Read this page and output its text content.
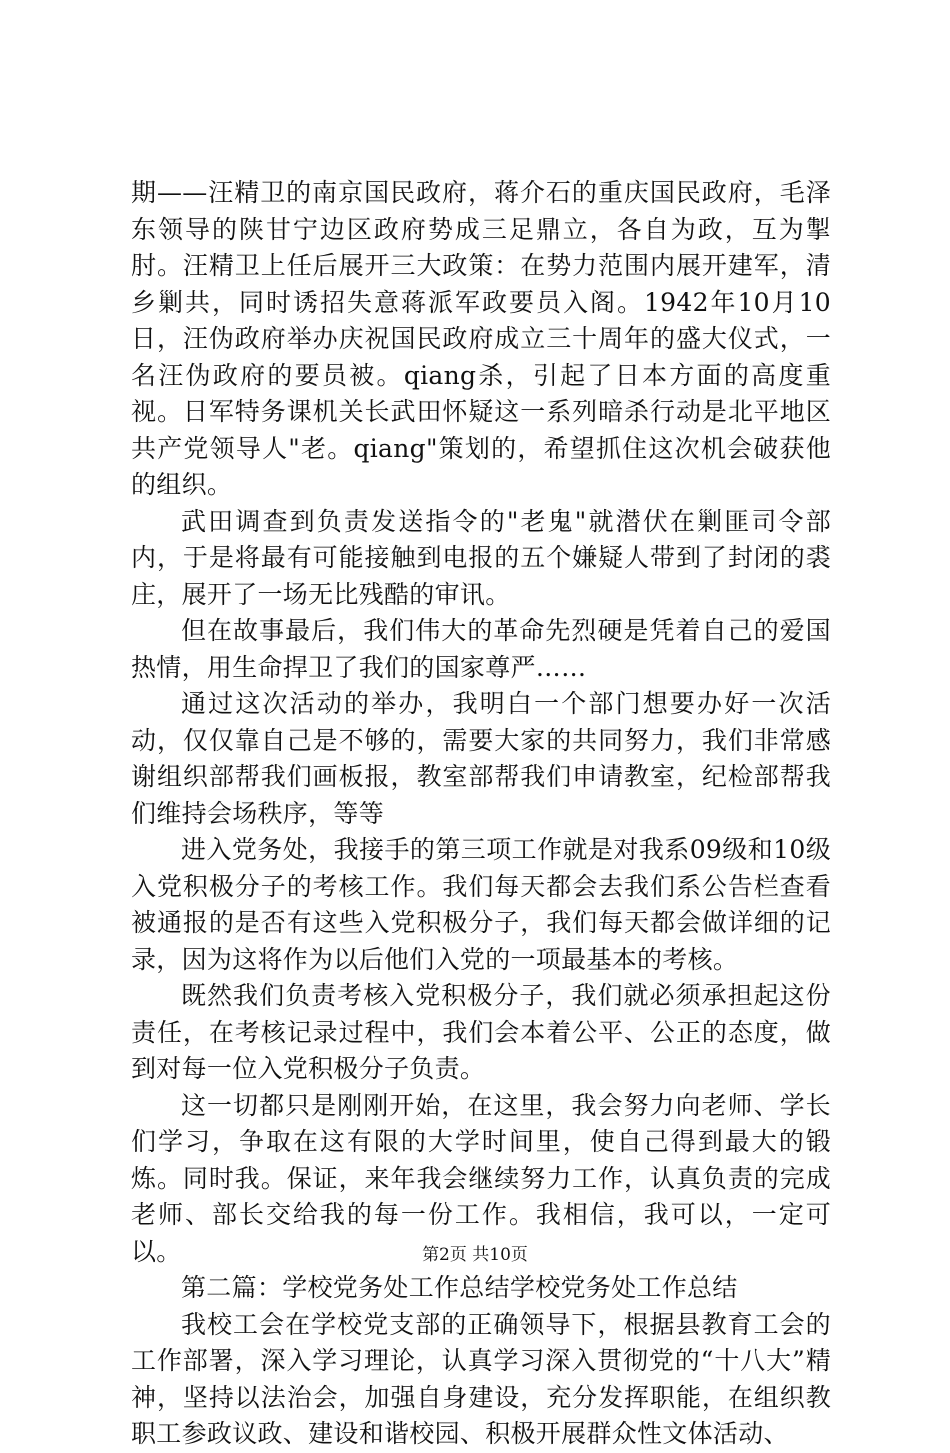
期——汪精卫的南京国民政府，蒋介石的重庆国民政府，毛泽东领导的陕甘宁边区政府势成三足鼎立，各自为政，互为掣肘。汪精卫上任后展开三大政策：在势力范围内展开建军，清乡剿共，同时诱招失意蒋派军政要员入阁。1942年10月10日，汪伪政府举办庆祝国民政府成立三十周年的盛大仪式，一名汪伪政府的要员被。qiang杀，引起了日本方面的高度重视。日军特务课机关长武田怀疑这一系列暗杀行动是北平地区共产党领导人"老。qiang"策划的，希望抓住这次机会破获他的组织。

武田调查到负责发送指令的"老鬼"就潜伏在剿匪司令部内，于是将最有可能接触到电报的五个嫌疑人带到了封闭的裘庄，展开了一场无比残酷的审讯。

但在故事最后，我们伟大的革命先烈硬是凭着自己的爱国热情，用生命捍卫了我们的国家尊严……

通过这次活动的举办，我明白一个部门想要办好一次活动，仅仅靠自己是不够的，需要大家的共同努力，我们非常感谢组织部帮我们画板报，教室部帮我们申请教室，纪检部帮我们维持会场秩序，等等

进入党务处，我接手的第三项工作就是对我系09级和10级入党积极分子的考核工作。我们每天都会去我们系公告栏查看被通报的是否有这些入党积极分子，我们每天都会做详细的记录，因为这将作为以后他们入党的一项最基本的考核。

既然我们负责考核入党积极分子，我们就必须承担起这份责任，在考核记录过程中，我们会本着公平、公正的态度，做到对每一位入党积极分子负责。

这一切都只是刚刚开始，在这里，我会努力向老师、学长们学习，争取在这有限的大学时间里，使自己得到最大的锻炼。同时我。保证，来年我会继续努力工作，认真负责的完成老师、部长交给我的每一份工作。我相信，我可以，一定可以。

第二篇：学校党务处工作总结学校党务处工作总结

我校工会在学校党支部的正确领导下，根据县教育工会的工作部署，深入学习理论，认真学习深入贯彻党的“十八大”精神，坚持以法治会，加强自身建设，充分发挥职能，在组织教职工参政议政、建设和谐校园、积极开展群众性文体活动、

第2页 共10页
